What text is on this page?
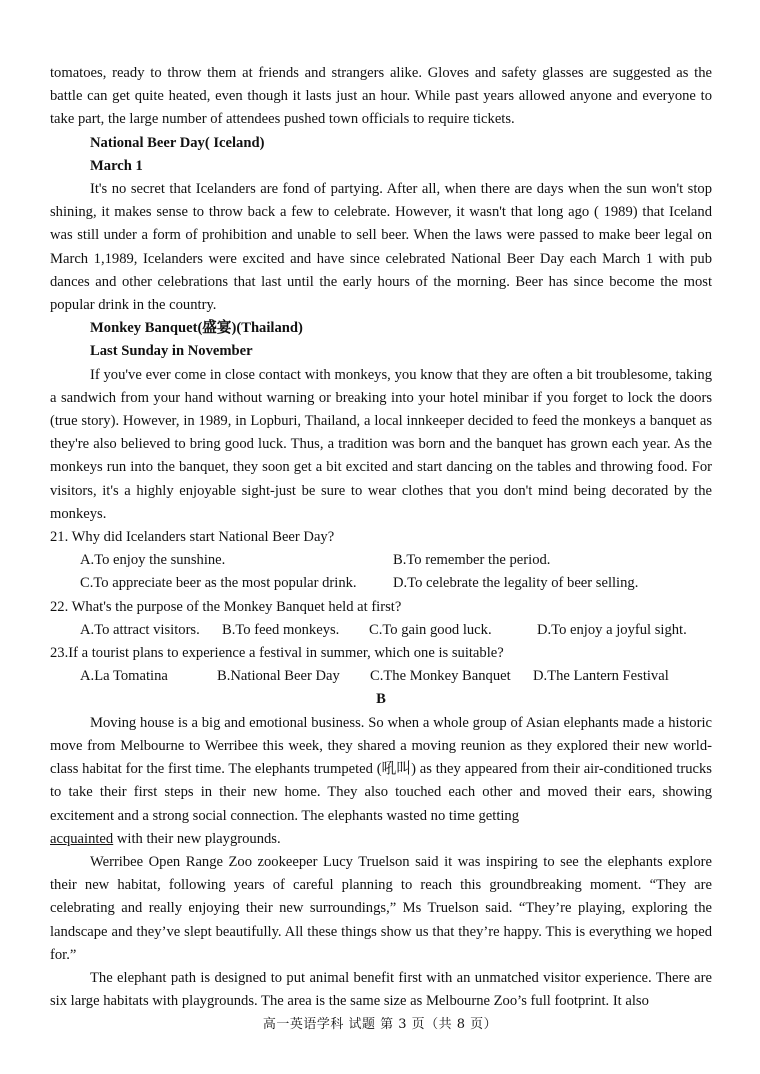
tomatoes, ready to throw them at friends and strangers alike. Gloves and safety glasses are suggested as the battle can get quite heated, even though it lasts just an hour. While past years allowed anyone and everyone to take part, the large number of attendees pushed town officials to require tickets.

National Beer Day( Iceland)

March 1

It's no secret that Icelanders are fond of partying. After all, when there are days when the sun won't stop shining, it makes sense to throw back a few to celebrate. However, it wasn't that long ago ( 1989) that Iceland was still under a form of prohibition and unable to sell beer. When the laws were passed to make beer legal on March 1,1989, Icelanders were excited and have since celebrated National Beer Day each March 1 with pub dances and other celebrations that last until the early hours of the morning. Beer has since become the most popular drink in the country.

Monkey Banquet(盛宴)(Thailand)

Last Sunday in November

If you've ever come in close contact with monkeys, you know that they are often a bit troublesome, taking a sandwich from your hand without warning or breaking into your hotel minibar if you forget to lock the doors (true story). However, in 1989, in Lopburi, Thailand, a local innkeeper decided to feed the monkeys a banquet as they're also believed to bring good luck. Thus, a tradition was born and the banquet has grown each year. As the monkeys run into the banquet, they soon get a bit excited and start dancing on the tables and throwing food. For visitors, it's a highly enjoyable sight-just be sure to wear clothes that you don't mind being decorated by the monkeys.

21. Why did Icelanders start National Beer Day?

A.To enjoy the sunshine.	B.To remember the period.
C.To appreciate beer as the most popular drink.	D.To celebrate the legality of beer selling.

22. What's the purpose of the Monkey Banquet held at first?

A.To attract visitors.	B.To feed monkeys.	C.To gain good luck.	D.To enjoy a joyful sight.

23.If a tourist plans to experience a festival in summer, which one is suitable?

A.La Tomatina	B.National Beer Day	C.The Monkey Banquet	D.The Lantern Festival

B

Moving house is a big and emotional business. So when a whole group of Asian elephants made a historic move from Melbourne to Werribee this week, they shared a moving reunion as they explored their new world-class habitat for the first time. The elephants trumpeted (吼叫) as they appeared from their air-conditioned trucks to take their first steps in their new home. They also touched each other and moved their ears, showing excitement and a strong social connection. The elephants wasted no time getting
acquainted with their new playgrounds.

Werribee Open Range Zoo zookeeper Lucy Truelson said it was inspiring to see the elephants explore their new habitat, following years of careful planning to reach this groundbreaking moment. “They are celebrating and really enjoying their new surroundings,” Ms Truelson said. “They’re playing, exploring the landscape and they’ve slept beautifully. All these things show us that they’re happy. This is everything we hoped for.”

The elephant path is designed to put animal benefit first with an unmatched visitor experience. There are six large habitats with playgrounds. The area is the same size as Melbourne Zoo’s full footprint. It also

高一英语学科 试题 第 3 页（共 8 页）
